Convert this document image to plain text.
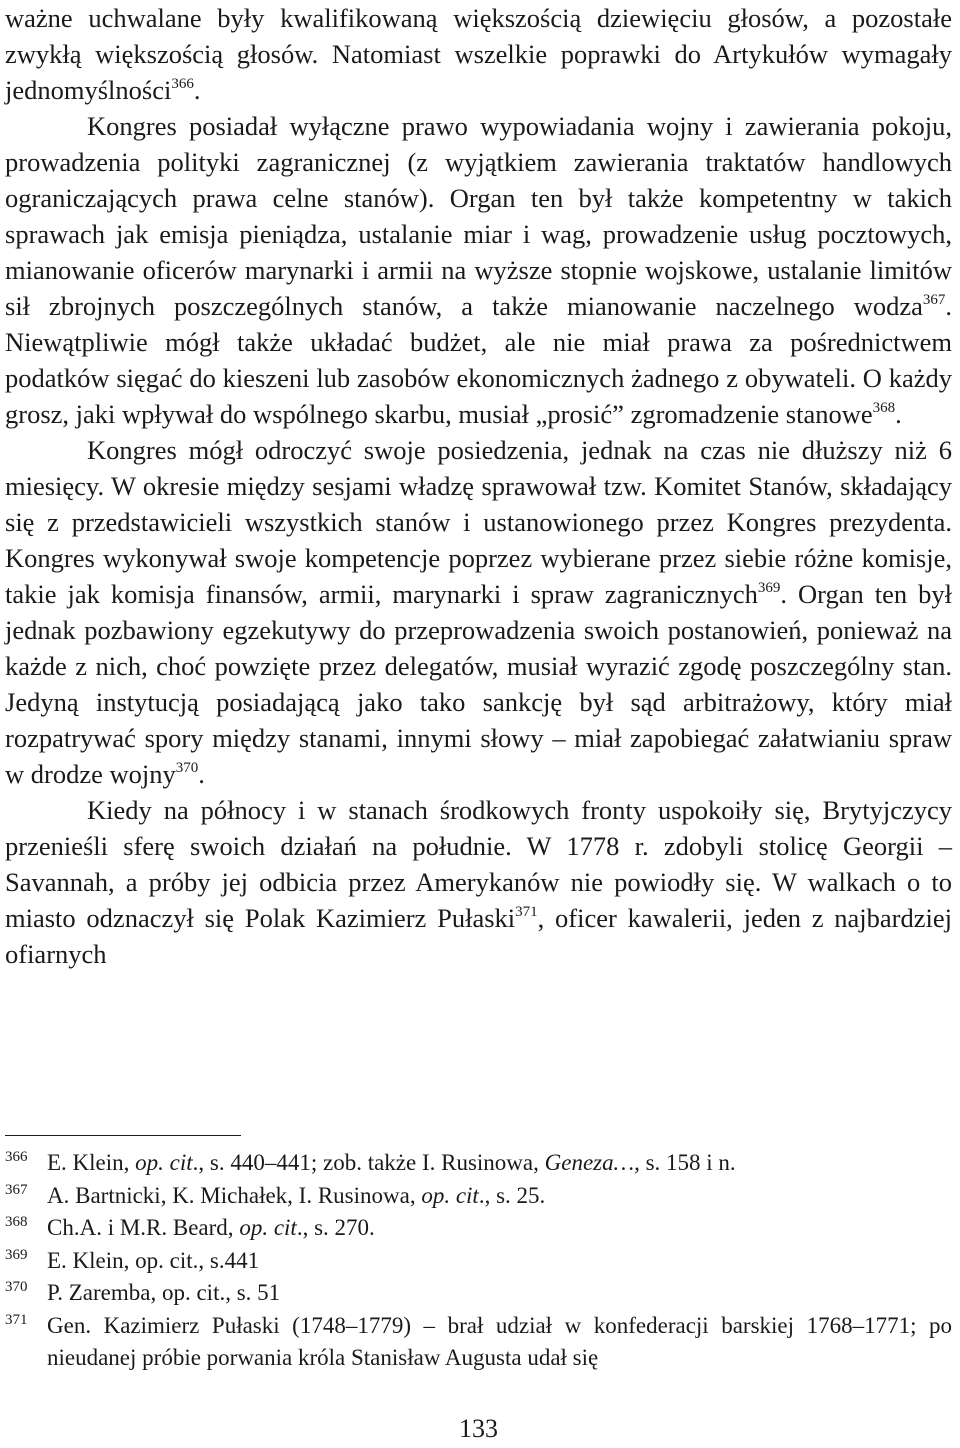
ważne uchwalane były kwalifikowaną większością dziewięciu głosów, a pozostałe zwykłą większością głosów. Natomiast wszelkie poprawki do Artykułów wymagały jednomyślności$^{366}$.

Kongres posiadał wyłączne prawo wypowiadania wojny i zawierania pokoju, prowadzenia polityki zagranicznej (z wyjątkiem zawierania traktatów handlowych ograniczających prawa celne stanów). Organ ten był także kompetentny w takich sprawach jak emisja pieniądza, ustalanie miar i wag, prowadzenie usług pocztowych, mianowanie oficerów marynarki i armii na wyższe stopnie wojskowe, ustalanie limitów sił zbrojnych poszczególnych stanów, a także mianowanie naczelnego wodza$^{367}$. Niewątpliwie mógł także układać budżet, ale nie miał prawa za pośrednictwem podatków sięgać do kieszeni lub zasobów ekonomicznych żadnego z obywateli. O każdy grosz, jaki wpływał do wspólnego skarbu, musiał „prosić” zgromadzenie stanowe$^{368}$.

Kongres mógł odroczyć swoje posiedzenia, jednak na czas nie dłuższy niż 6 miesięcy. W okresie między sesjami władzę sprawował tzw. Komitet Stanów, składający się z przedstawicieli wszystkich stanów i ustanowionego przez Kongres prezydenta. Kongres wykonywał swoje kompetencje poprzez wybierane przez siebie różne komisje, takie jak komisja finansów, armii, marynarki i spraw zagranicznych$^{369}$. Organ ten był jednak pozbawiony egzekutywy do przeprowadzenia swoich postanowień, ponieważ na każde z nich, choć powzięte przez delegatów, musiał wyrazić zgodę poszczególny stan. Jedyną instytucją posiadającą jako tako sankcję był sąd arbitrażowy, który miał rozpatrywać spory między stanami, innymi słowy – miał zapobiegać załatwianiu spraw w drodze wojny$^{370}$.

Kiedy na północy i w stanach środkowych fronty uspokoiły się, Brytyjczycy przenieśli sferę swoich działań na południe. W 1778 r. zdobyli stolicę Georgii – Savannah, a próby jej odbicia przez Amerykanów nie powiodły się. W walkach o to miasto odznaczył się Polak Kazimierz Pułaski$^{371}$, oficer kawalerii, jeden z najbardziej ofiarnych

366 E. Klein, op. cit., s. 440–441; zob. także I. Rusinowa, Geneza…, s. 158 i n.
367 A. Bartnicki, K. Michałek, I. Rusinowa, op. cit., s. 25.
368 Ch.A. i M.R. Beard, op. cit., s. 270.
369 E. Klein, op. cit., s.441
370 P. Zaremba, op. cit., s. 51
371 Gen. Kazimierz Pułaski (1748–1779) – brał udział w konfederacji barskiej 1768–1771; po nieudanej próbie porwania króla Stanisław Augusta udał się
133
